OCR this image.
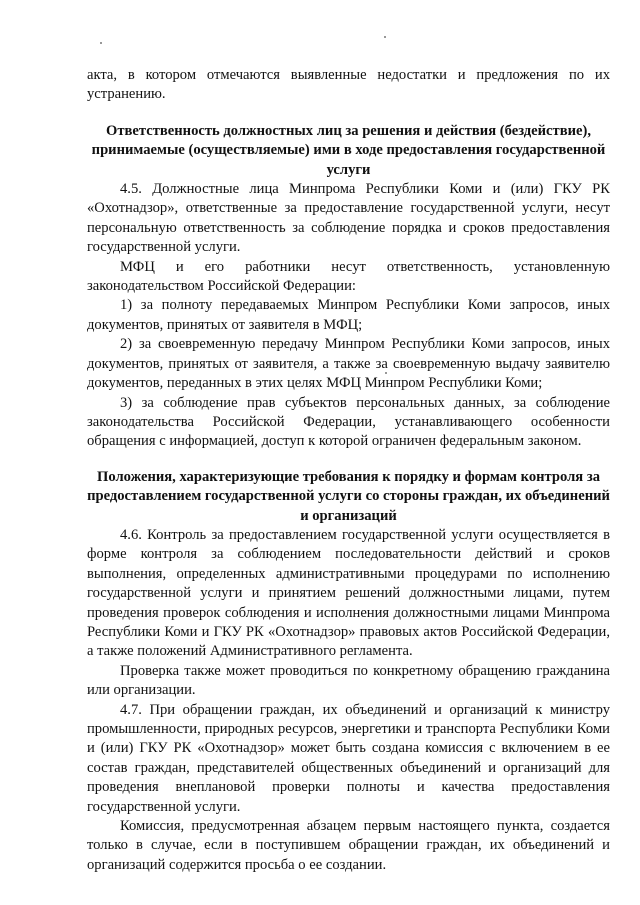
акта, в котором отмечаются выявленные недостатки и предложения по их устранению.

Ответственность должностных лиц за решения и действия (бездействие), принимаемые (осуществляемые) ими в ходе предоставления государственной услуги

4.5. Должностные лица Минпрома Республики Коми и (или) ГКУ РК «Охотнадзор», ответственные за предоставление государственной услуги, несут персональную ответственность за соблюдение порядка и сроков предоставления государственной услуги.

МФЦ и его работники несут ответственность, установленную законодательством Российской Федерации:

1) за полноту передаваемых Минпром Республики Коми запросов, иных документов, принятых от заявителя в МФЦ;

2) за своевременную передачу Минпром Республики Коми запросов, иных документов, принятых от заявителя, а также за своевременную выдачу заявителю документов, переданных в этих целях МФЦ Минпром Республики Коми;

3) за соблюдение прав субъектов персональных данных, за соблюдение законодательства Российской Федерации, устанавливающего особенности обращения с информацией, доступ к которой ограничен федеральным законом.

Положения, характеризующие требования к порядку и формам контроля за предоставлением государственной услуги со стороны граждан, их объединений и организаций

4.6. Контроль за предоставлением государственной услуги осуществляется в форме контроля за соблюдением последовательности действий и сроков выполнения, определенных административными процедурами по исполнению государственной услуги и принятием решений должностными лицами, путем проведения проверок соблюдения и исполнения должностными лицами Минпрома Республики Коми и ГКУ РК «Охотнадзор» правовых актов Российской Федерации, а также положений Административного регламента.

Проверка также может проводиться по конкретному обращению гражданина или организации.

4.7. При обращении граждан, их объединений и организаций к министру промышленности, природных ресурсов, энергетики и транспорта Республики Коми и (или) ГКУ РК «Охотнадзор» может быть создана комиссия с включением в ее состав граждан, представителей общественных объединений и организаций для проведения внеплановой проверки полноты и качества предоставления государственной услуги.

Комиссия, предусмотренная абзацем первым настоящего пункта, создается только в случае, если в поступившем обращении граждан, их объединений и организаций содержится просьба о ее создании.
